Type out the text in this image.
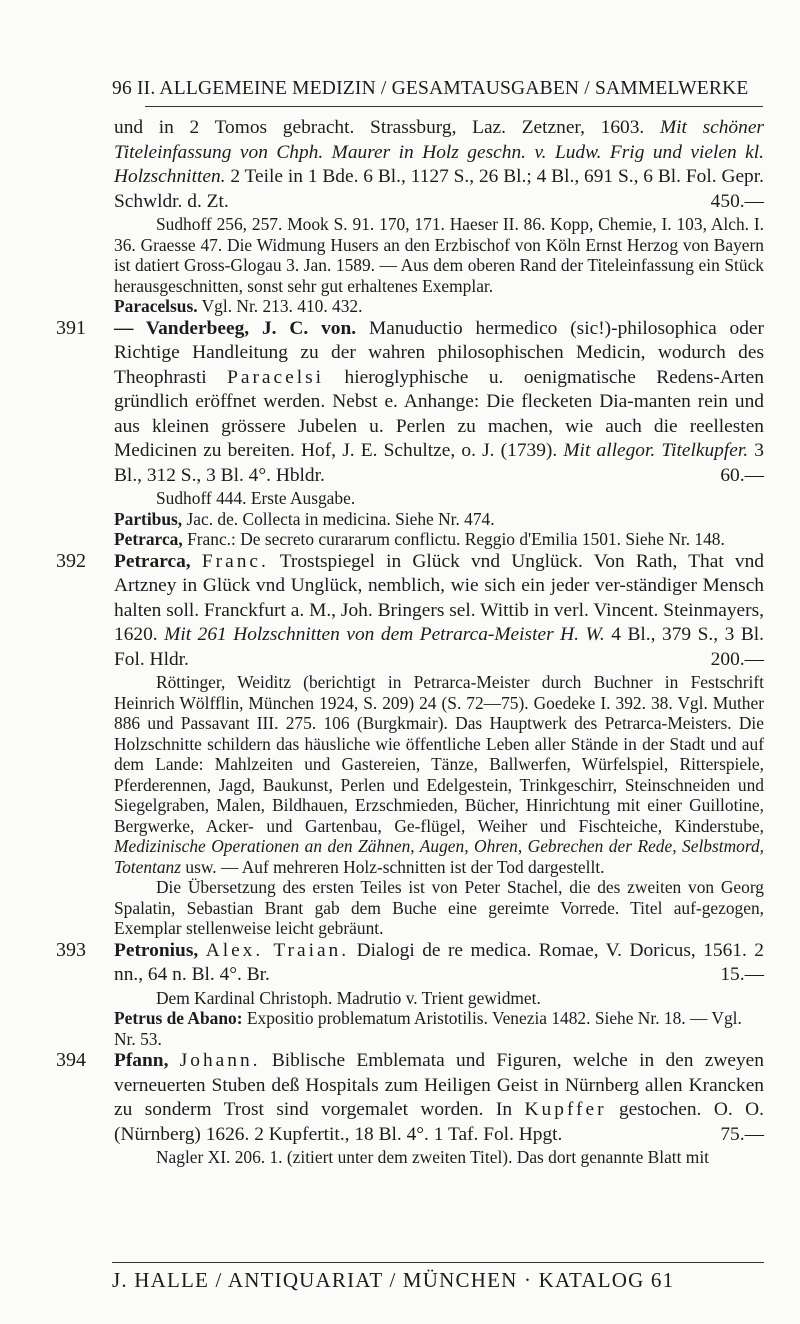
96 II. ALLGEMEINE MEDIZIN / GESAMTAUSGABEN / SAMMELWERKE

und in 2 Tomos gebracht. Strassburg, Laz. Zetzner, 1603. Mit schöner Titeleinfassung von Chph. Maurer in Holz geschn. v. Ludw. Frig und vielen kl. Holzschnitten. 2 Teile in 1 Bde. 6 Bl., 1127 S., 26 Bl.; 4 Bl., 691 S., 6 Bl. Fol. Gepr. Schwldr. d. Zt.	450.—

Sudhoff 256, 257. Mook S. 91. 170, 171. Haeser II. 86. Kopp, Chemie, I. 103, Alch. I. 36. Graesse 47. Die Widmung Husers an den Erzbischof von Köln Ernst Herzog von Bayern ist datiert Gross-Glogau 3. Jan. 1589. — Aus dem oberen Rand der Titeleinfassung ein Stück herausgeschnitten, sonst sehr gut erhaltenes Exemplar.

Paracelsus. Vgl. Nr. 213. 410. 432.

391 — Vanderbeeg, J. C. von. Manuductio hermedico (sic!)-philosophica oder Richtige Handleitung zu der wahren philosophischen Medicin, wodurch des Theophrasti Paracelsi hieroglyphische u. oenigmatische Redens-Arten gründlich eröffnet werden. Nebst e. Anhange: Die flecketen Dia-manten rein und aus kleinen grössere Jubelen u. Perlen zu machen, wie auch die reellesten Medicinen zu bereiten. Hof, J. E. Schultze, o. J. (1739). Mit allegor. Titelkupfer. 3 Bl., 312 S., 3 Bl. 4°. Hbldr.	60.—

Sudhoff 444. Erste Ausgabe.

Partibus, Jac. de. Collecta in medicina. Siehe Nr. 474.

Petrarca, Franc.: De secreto curararum conflictu. Reggio d'Emilia 1501. Siehe Nr. 148.

392 Petrarca, Franc. Trostspiegel in Glück vnd Unglück. Von Rath, That vnd Artzney in Glück vnd Unglück, nemblich, wie sich ein jeder ver-ständiger Mensch halten soll. Franckfurt a. M., Joh. Bringers sel. Wittib in verl. Vincent. Steinmayers, 1620. Mit 261 Holzschnitten von dem Petrarca-Meister H. W. 4 Bl., 379 S., 3 Bl. Fol. Hldr.	200.—

Röttinger, Weiditz (berichtigt in Petrarca-Meister durch Buchner in Festschrift Heinrich Wölfflin, München 1924, S. 209) 24 (S. 72—75). Goedeke I. 392. 38. Vgl. Muther 886 und Passavant III. 275. 106 (Burgkmair). Das Hauptwerk des Petrarca-Meisters. Die Holzschnitte schildern das häusliche wie öffentliche Leben aller Stände in der Stadt und auf dem Lande: Mahlzeiten und Gastereien, Tänze, Ballwerfen, Würfelspiel, Ritterspiele, Pferderennen, Jagd, Baukunst, Perlen und Edelgestein, Trinkgeschirr, Steinschneiden und Siegelgraben, Malen, Bildhauen, Erzschmieden, Bücher, Hinrichtung mit einer Guillotine, Bergwerke, Acker- und Gartenbau, Ge-flügel, Weiher und Fischteiche, Kinderstube, Medizinische Operationen an den Zähnen, Augen, Ohren, Gebrechen der Rede, Selbstmord, Totentanz usw. — Auf mehreren Holz-schnitten ist der Tod dargestellt.

Die Übersetzung des ersten Teiles ist von Peter Stachel, die des zweiten von Georg Spalatin, Sebastian Brant gab dem Buche eine gereimte Vorrede. Titel auf-gezogen, Exemplar stellenweise leicht gebräunt.

393 Petronius, Alex. Traian. Dialogi de re medica. Romae, V. Doricus, 1561. 2 nn., 64 n. Bl. 4°. Br.	15.—

Dem Kardinal Christoph. Madrutio v. Trient gewidmet.

Petrus de Abano: Expositio problematum Aristotilis. Venezia 1482. Siehe Nr. 18. — Vgl. Nr. 53.

394 Pfann, Johann. Biblische Emblemata und Figuren, welche in den zweyen verneuerten Stuben deß Hospitals zum Heiligen Geist in Nürnberg allen Krancken zu sonderm Trost sind vorgemalet worden. In Kupffer gestochen. O. O. (Nürnberg) 1626. 2 Kupfertit., 18 Bl. 4°. 1 Taf. Fol. Hpgt.	75.—

Nagler XI. 206. 1. (zitiert unter dem zweiten Titel). Das dort genannte Blatt mit

J. HALLE / ANTIQUARIAT / MÜNCHEN · KATALOG 61
